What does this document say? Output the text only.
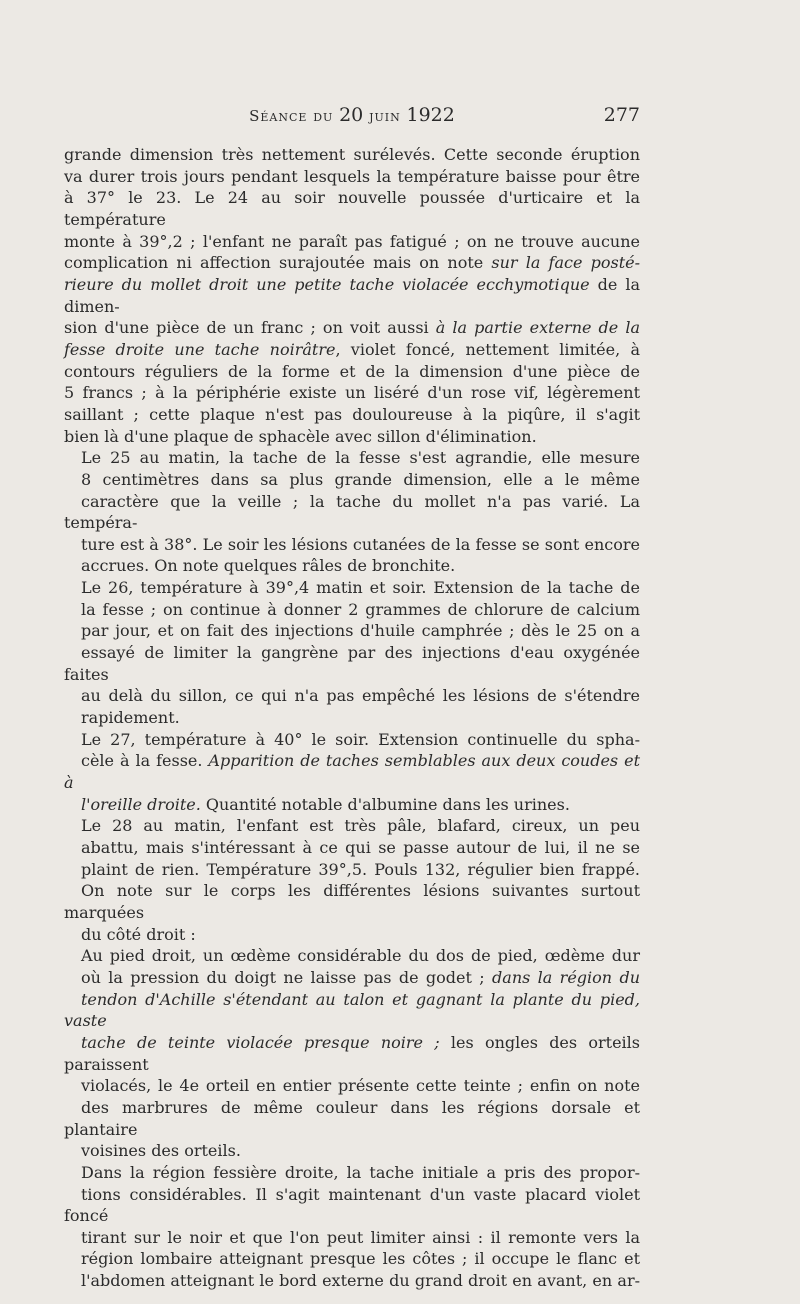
Séance du 20 juin 1922	277

grande dimension très nettement surélevés. Cette seconde éruption
va durer trois jours pendant lesquels la température baisse pour être
à 37° le 23. Le 24 au soir nouvelle poussée d'urticaire et la température
monte à 39°,2 ; l'enfant ne paraît pas fatigué ; on ne trouve aucune
complication ni affection surajoutée mais on note sur la face posté-
rieure du mollet droit une petite tache violacée ecchymotique de la dimen-
sion d'une pièce de un franc ; on voit aussi à la partie externe de la
fesse droite une tache noirâtre, violet foncé, nettement limitée, à
contours réguliers de la forme et de la dimension d'une pièce de
5 francs ; à la périphérie existe un liséré d'un rose vif, légèrement
saillant ; cette plaque n'est pas douloureuse à la piqûre, il s'agit
bien là d'une plaque de sphacèle avec sillon d'élimination.

Le 25 au matin, la tache de la fesse s'est agrandie, elle mesure
8 centimètres dans sa plus grande dimension, elle a le même
caractère que la veille ; la tache du mollet n'a pas varié. La tempéra-
ture est à 38°. Le soir les lésions cutanées de la fesse se sont encore
accrues. On note quelques râles de bronchite.

Le 26, température à 39°,4 matin et soir. Extension de la tache de
la fesse ; on continue à donner 2 grammes de chlorure de calcium
par jour, et on fait des injections d'huile camphrée ; dès le 25 on a
essayé de limiter la gangrène par des injections d'eau oxygénée faites
au delà du sillon, ce qui n'a pas empêché les lésions de s'étendre
rapidement.

Le 27, température à 40° le soir. Extension continuelle du spha-
cèle à la fesse. Apparition de taches semblables aux deux coudes et à
l'oreille droite. Quantité notable d'albumine dans les urines.

Le 28 au matin, l'enfant est très pâle, blafard, cireux, un peu
abattu, mais s'intéressant à ce qui se passe autour de lui, il ne se
plaint de rien. Température 39°,5. Pouls 132, régulier bien frappé.
On note sur le corps les différentes lésions suivantes surtout marquées
du côté droit :

Au pied droit, un œdème considérable du dos de pied, œdème dur
où la pression du doigt ne laisse pas de godet ; dans la région du
tendon d'Achille s'étendant au talon et gagnant la plante du pied, vaste
tache de teinte violacée presque noire ; les ongles des orteils paraissent
violacés, le 4e orteil en entier présente cette teinte ; enfin on note
des marbrures de même couleur dans les régions dorsale et plantaire
voisines des orteils.

Dans la région fessière droite, la tache initiale a pris des propor-
tions considérables. Il s'agit maintenant d'un vaste placard violet foncé
tirant sur le noir et que l'on peut limiter ainsi : il remonte vers la
région lombaire atteignant presque les côtes ; il occupe le flanc et
l'abdomen atteignant le bord externe du grand droit en avant, en ar-
